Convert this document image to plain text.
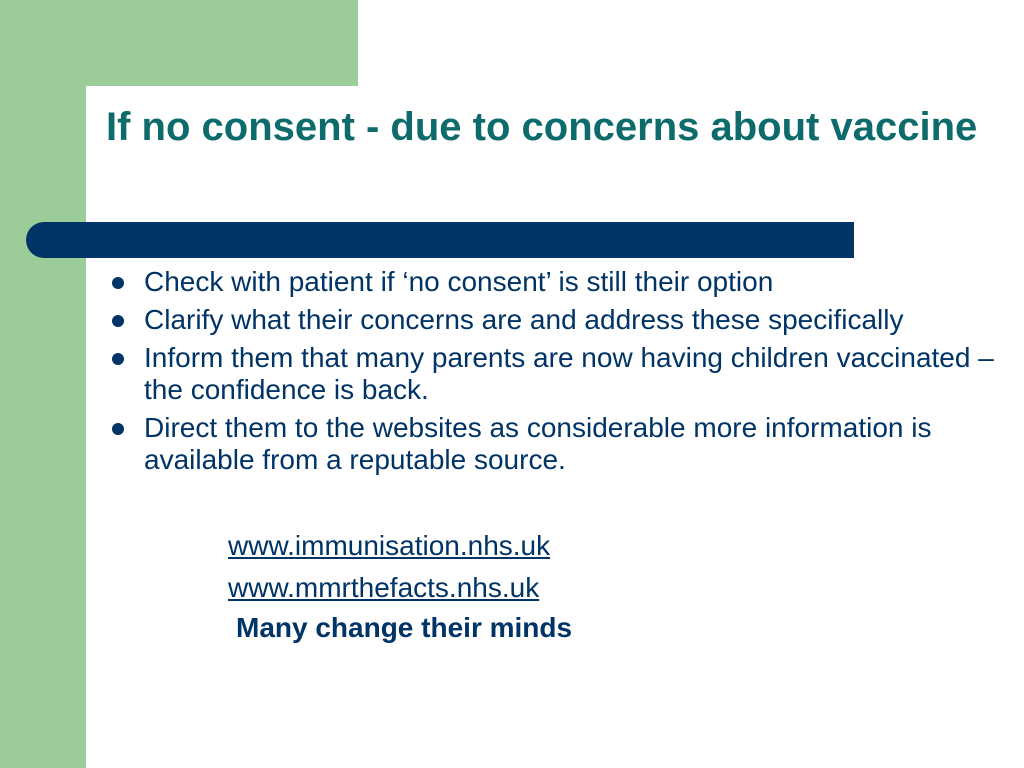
If no consent - due to concerns about vaccine
Check with patient if ‘no consent’ is still their option
Clarify what their concerns are and address these specifically
Inform them that many parents are now having children vaccinated – the confidence is back.
Direct them to the websites as considerable more information is available from a reputable source.
www.immunisation.nhs.uk
www.mmrthefacts.nhs.uk

Many change their minds
